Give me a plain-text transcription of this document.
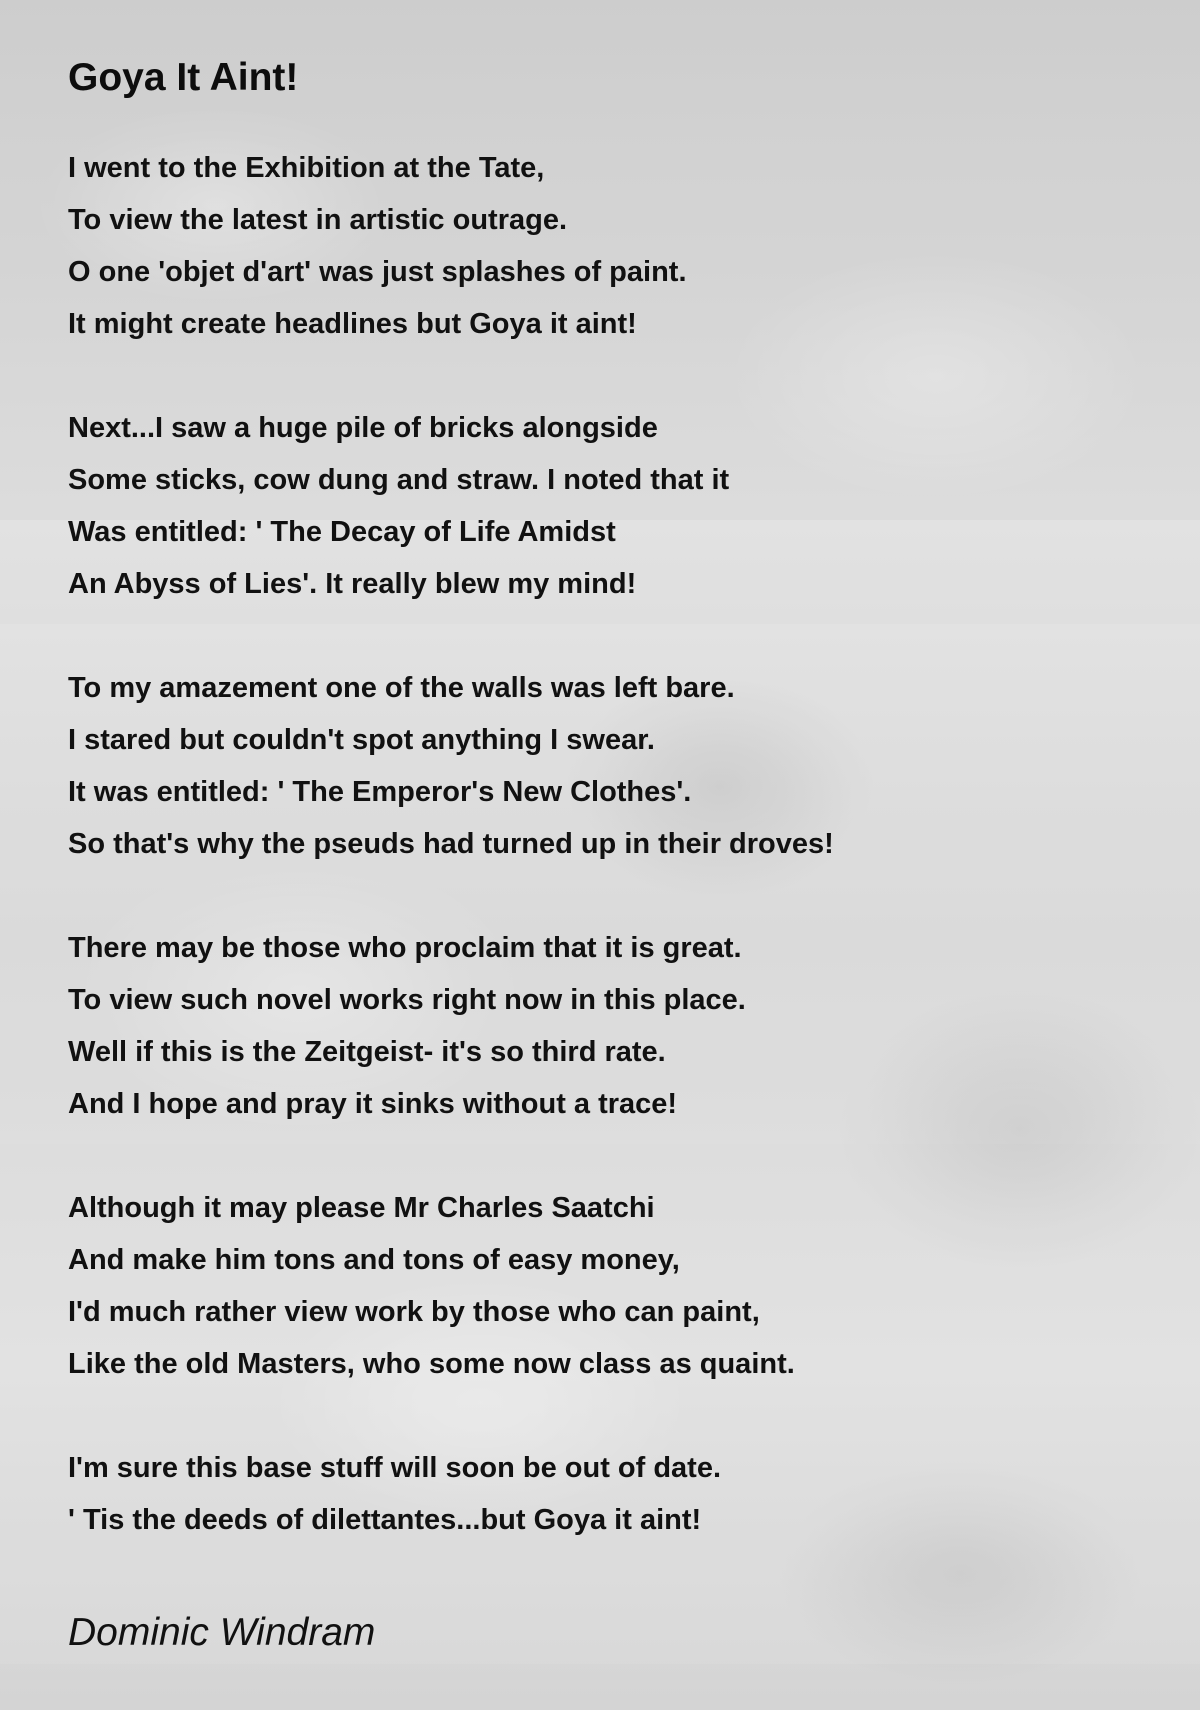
Goya It Aint!
I went to the Exhibition at the Tate,
To view the latest in artistic outrage.
O one 'objet d'art' was just splashes of paint.
It might create headlines but Goya it aint!
Next...I saw a huge pile of bricks alongside
Some sticks, cow dung and straw. I noted that it
Was entitled: ' The Decay of Life Amidst
An Abyss of Lies'. It really blew my mind!
To my amazement one of the walls was left bare.
I stared but couldn't spot anything I swear.
It was entitled: ' The Emperor's New Clothes'.
So that's why the pseuds had turned up in their droves!
There may be those who proclaim that it is great.
To view such novel works right now in this place.
Well if this is the Zeitgeist- it's so third rate.
And I hope and pray it sinks without a trace!
Although it may please Mr Charles Saatchi
And make him tons and tons of easy money,
I'd much rather view work by those who can paint,
Like the old Masters, who some now class as quaint.
I'm sure this base stuff will soon be out of date.
' Tis the deeds of dilettantes...but Goya it aint!
Dominic Windram
